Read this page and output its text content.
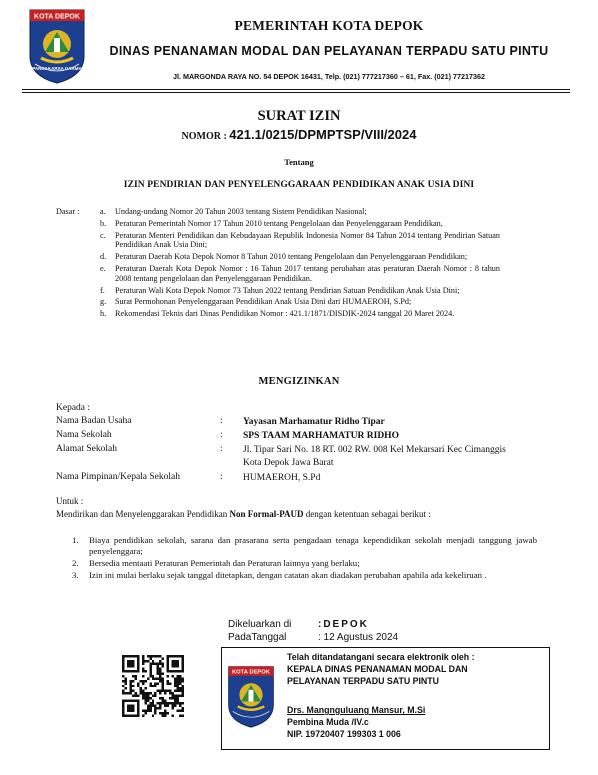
KOTA DEPOK
PANCAKARSA DARMA
PEMERINTAH KOTA DEPOK
DINAS PENANAMAN MODAL DAN PELAYANAN TERPADU SATU PINTU
Jl. MARGONDA RAYA NO. 54 DEPOK 16431, Telp. (021) 777217360 – 61, Fax. (021) 77217362
SURAT IZIN
NOMOR : 421.1/0215/DPMPTSP/VIII/2024
Tentang
IZIN PENDIRIAN DAN PENYELENGGARAAN PENDIDIKAN ANAK USIA DINI
Dasar :	a.	Undang-undang Nomor 20 Tahun 2003 tentang Sistem Pendidikan Nasional;
b.	Peraturan Pemerintah Nomor 17 Tahun 2010 tentang Pengelolaan dan Penyelenggaraan Pendidikan,
c.	Peraturan Menteri Pendidikan dan Kebudayaan Republik Indonesia Nomor 84 Tahun 2014 tentang Pendirian Satuan Pendidikan Anak Usia Dini;
d.	Peraturan Daerah Kota Depok Nomor 8 Tahun 2010 tentang Pengelolaan dan Penyelenggaraan Pendidikan;
e.	Peraturan Daerah Kota Depok Nomor : 16 Tahun 2017 tentang perubahan atas peraturan Daerah Nomor : 8 tahun 2008 tentang pengelolaan dan Penyelenggaraan Pendidikan.
f.	Peraturan Wali Kota Depok Nomor 73 Tahun 2022 tentang Pendirian Satuan Pendidikan Anak Usia Dini;
g.	Surat Permohonan Penyelenggaraan Pendidikan Anak Usia Dini dari HUMAEROH, S.Pd;
h.	Rekomendasi Teknis dari Dinas Pendidikan Nomor : 421.1/1871/DISDIK-2024 tanggal 20 Maret 2024.
MENGIZINKAN
Kepada :
Nama Badan Usaha	: Yayasan Marhamatur Ridho Tipar
Nama Sekolah	: SPS TAAM MARHAMATUR RIDHO
Alamat Sekolah	: Jl. Tipar Sari No. 18 RT. 002 RW. 008 Kel Mekarsari Kec Cimanggis Kota Depok Jawa Barat
Nama Pimpinan/Kepala Sekolah	: HUMAEROH, S.Pd
Untuk :
Mendirikan dan Menyelenggarakan Pendidikan Non Formal-PAUD dengan ketentuan sebagai berikut :
1.	Biaya pendidikan sekolah, sarana dan prasarana serta pengadaan tenaga kependidikan sekolah menjadi tanggung jawab penyelenggara;
2.	Bersedia mentaati Peraturan Pemerintah dan Peraturan lainnya yang berlaku;
3.	Izin ini mulai berlaku sejak tanggal ditetapkan, dengan catatan akan diadakan perubahan apabila ada kekeliruan .
Dikeluarkan di	:DEPOK
PadaTanggal	: 12 Agustus 2024
KOTA DEPOK
Telah ditandatangani secara elektronik oleh :
KEPALA DINAS PENANAMAN MODAL DAN
PELAYANAN TERPADU SATU PINTU
Drs. Mangnguluang Mansur, M.Si
Pembina Muda /IV.c
NIP. 19720407 199303 1 006
